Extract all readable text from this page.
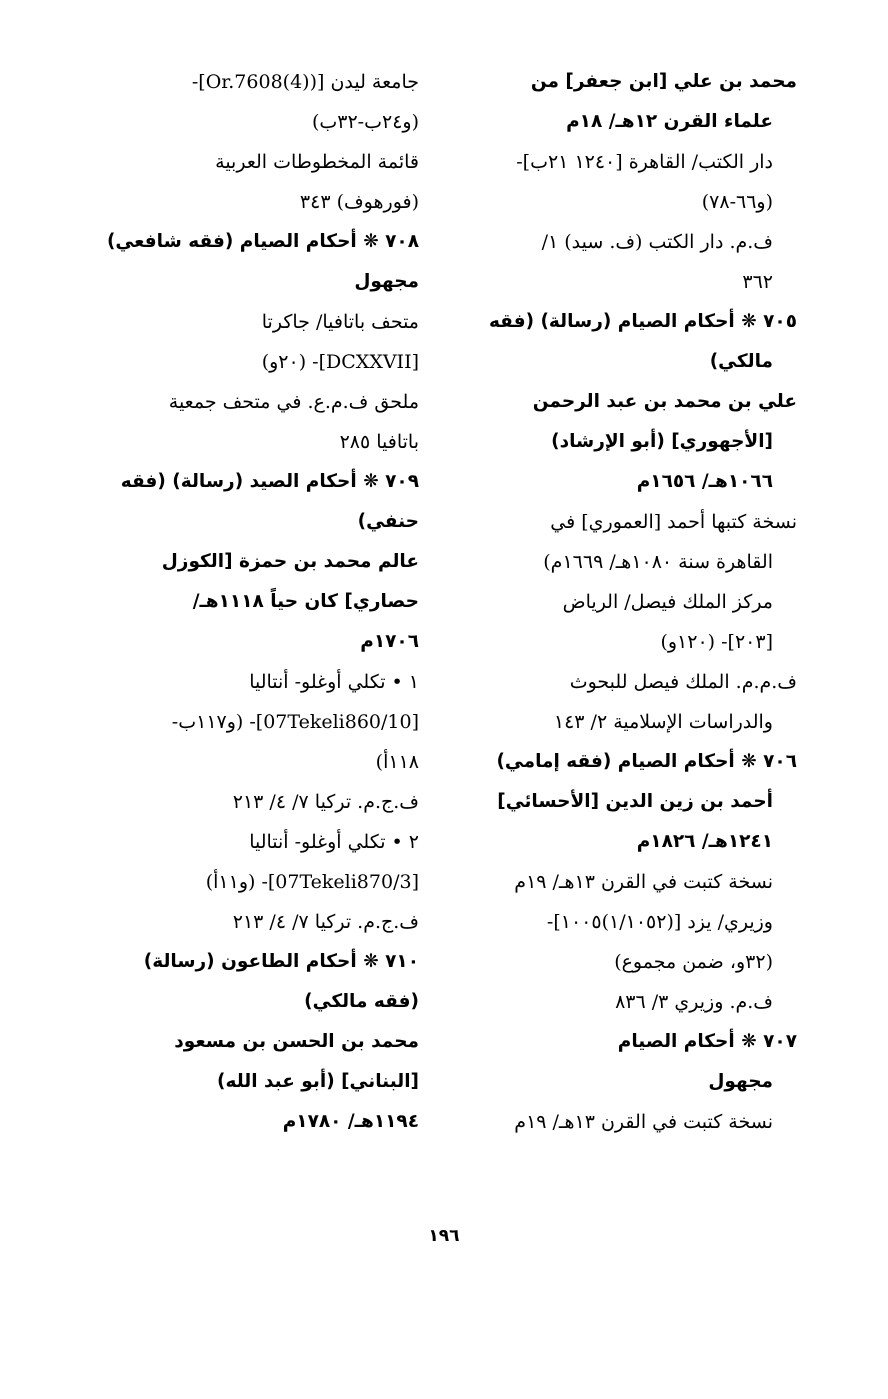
محمد بن علي [ابن جعفر] من
علماء القرن ١٢هـ/ ١٨م
دار الكتب/ القاهرة [١٢٤٠ ٢١ب]-
(و٦٦-٧٨)
ف.م. دار الكتب (ف. سيد) ١/
٣٦٢
٧٠٥ ❋ أحكام الصيام (رسالة) (فقه
مالكي)
علي بن محمد بن عبد الرحمن
[الأجهوري] (أبو الإرشاد)
١٠٦٦هـ/ ١٦٥٦م
نسخة كتبها أحمد [العموري] في
القاهرة سنة ١٠٨٠هـ/ ١٦٦٩م)
مركز الملك فيصل/ الرياض
[٢٠٣]- (١٢٠و)
ف.م.م. الملك فيصل للبحوث
والدراسات الإسلامية ٢/ ١٤٣
٧٠٦ ❋ أحكام الصيام (فقه إمامي)
أحمد بن زين الدين [الأحسائي]
١٢٤١هـ/ ١٨٢٦م
نسخة كتبت في القرن ١٣هـ/ ١٩م
وزيري/ يزد [(١/١٠٥٢)١٠٠٥]-
(٣٢و، ضمن مجموع)
ف.م. وزيري ٣/ ٨٣٦
٧٠٧ ❋ أحكام الصيام
مجهول
نسخة كتبت في القرن ١٣هـ/ ١٩م
جامعة ليدن [(Or.7608(4)]-
(و٢٤ب-٣٢ب)
قائمة المخطوطات العربية
(فورهوف) ٣٤٣
٧٠٨ ❋ أحكام الصيام (فقه شافعي)
مجهول
متحف باتافيا/ جاكرتا
[DCXXVII]- (٢٠و)
ملحق ف.م.ع. في متحف جمعية
باتافيا ٢٨٥
٧٠٩ ❋ أحكام الصيد (رسالة) (فقه
حنفي)
عالم محمد بن حمزة [الكوزل
حصاري] كان حياً ١١١٨هـ/
١٧٠٦م
١ • تكلي أوغلو- أنتاليا
[07Tekeli860/10]- (و١١٧ب-
١١٨أ)
ف.ج.م. تركيا ٧/ ٤/ ٢١٣
٢ • تكلي أوغلو- أنتاليا
[07Tekeli870/3]- (و١١أ)
ف.ج.م. تركيا ٧/ ٤/ ٢١٣
٧١٠ ❋ أحكام الطاعون (رسالة)
(فقه مالكي)
محمد بن الحسن بن مسعود
[البناني] (أبو عبد الله)
١١٩٤هـ/ ١٧٨٠م
١٩٦
